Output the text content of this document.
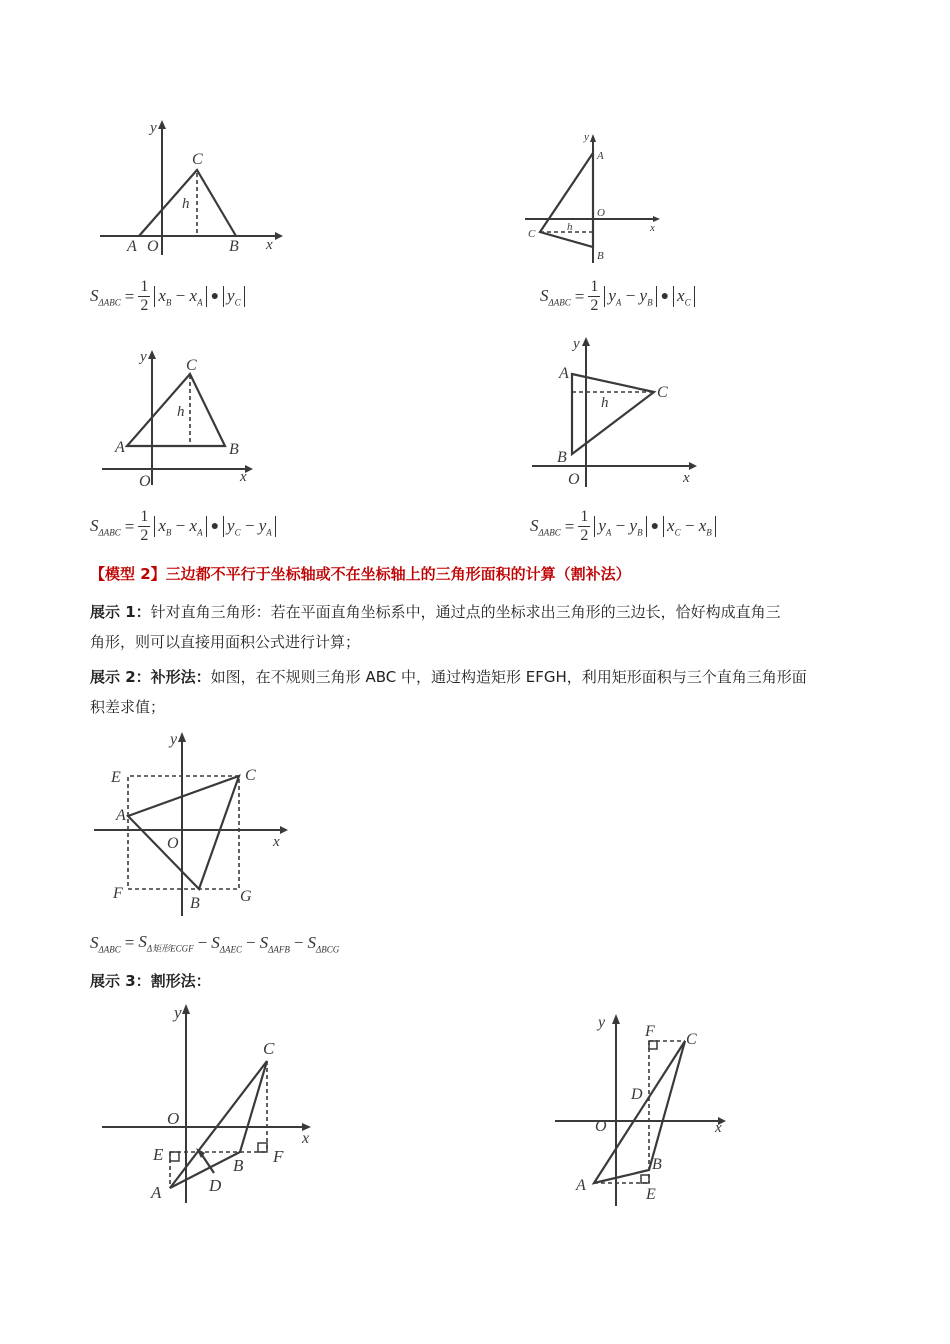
y
x
A O	B
C
h
y
x
A
O
B
C
h
$S_{\Delta ABC} = \frac{1}{2} x_B - x_A$ ● $y_C$	$S_{\Delta ABC} = \frac{1}{2} y_A - y_B$ ● $x_C$
y
x
A
O
B
C
h
y
x
A
O
B
C
h
$S_{\Delta ABC} = \frac{1}{2} x_B - x_A$ ● $y_C - y_A$	$S_{\Delta ABC} = \frac{1}{2} y_A - y_B$ ● $x_C - x_B$
【模型 2】三边都不平行于坐标轴或不在坐标轴上的三角形面积的计算（割补法）
展示 1：针对直角三角形：若在平面直角坐标系中，通过点的坐标求出三角形的三边长，恰好构成直角三
角形，则可以直接用面积公式进行计算；
展示 2：补形法：如图，在不规则三角形 ABC 中，通过构造矩形 EFGH，利用矩形面积与三个直角三角形面
积差求值；
y
x
E	C
A
O
F
B	G
$S_{\Delta ABC} = S_{\Delta 矩形ECGF} - S_{\Delta AEC} - S_{\Delta AFB} - S_{\Delta BCG}$
展示 3：割形法：
y
x
O
C
E
B F
A	D
y
x
F C
D
O
B
A
E
